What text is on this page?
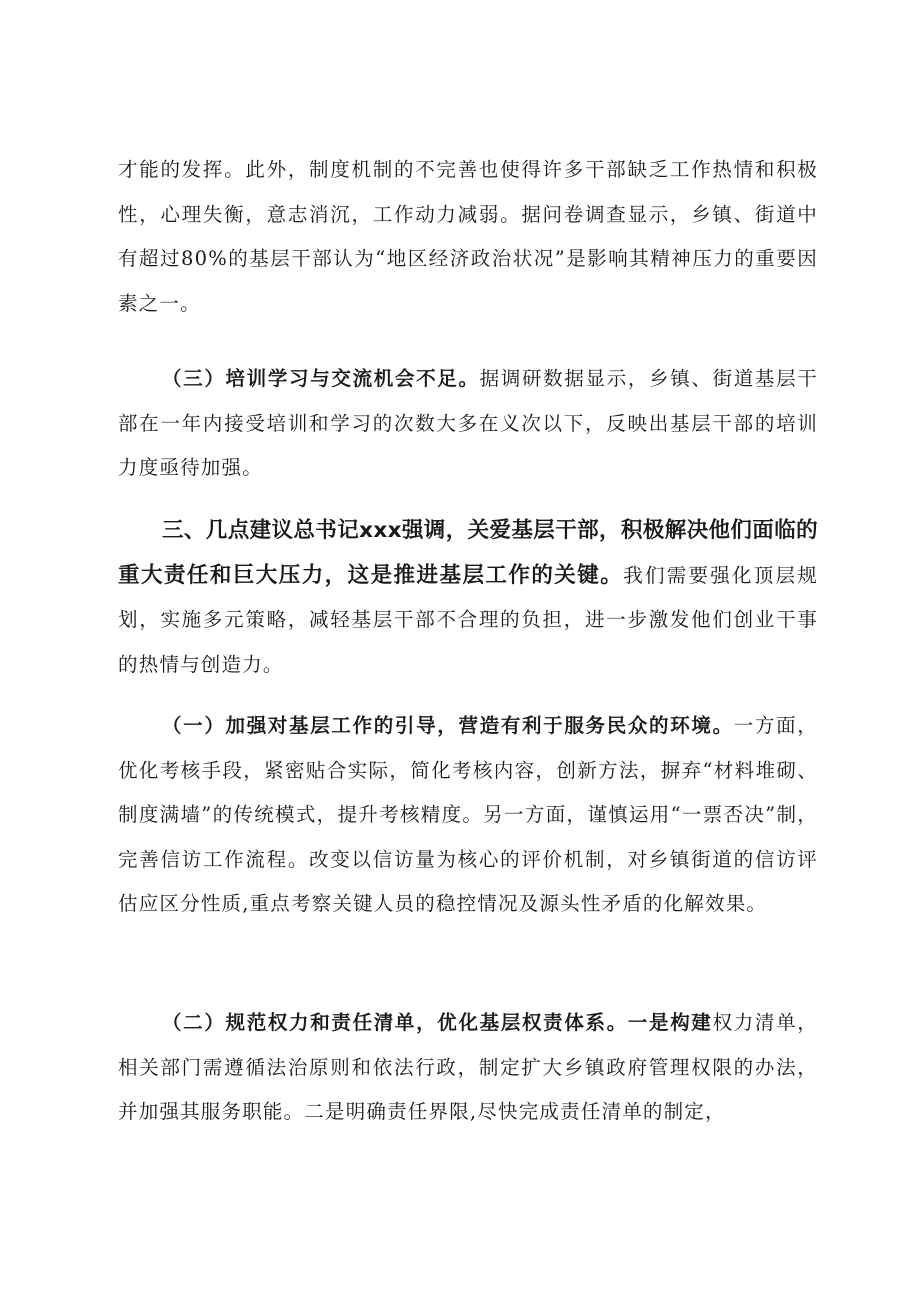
才能的发挥。此外，制度机制的不完善也使得许多干部缺乏工作热情和积极性，心理失衡，意志消沉，工作动力减弱。据问卷调查显示，乡镇、街道中有超过80%的基层干部认为“地区经济政治状况”是影响其精神压力的重要因素之一。

（三）培训学习与交流机会不足。据调研数据显示，乡镇、街道基层干部在一年内接受培训和学习的次数大多在义次以下，反映出基层干部的培训力度亟待加强。

三、几点建议总书记xxx强调，关爱基层干部，积极解决他们面临的重大责任和巨大压力，这是推进基层工作的关键。我们需要强化顶层规划，实施多元策略，减轻基层干部不合理的负担，进一步激发他们创业干事的热情与创造力。

（一）加强对基层工作的引导，营造有利于服务民众的环境。一方面，优化考核手段，紧密贴合实际，简化考核内容，创新方法，摒弃“材料堆砌、制度满墙”的传统模式，提升考核精度。另一方面，谨慎运用“一票否决”制，完善信访工作流程。改变以信访量为核心的评价机制，对乡镇街道的信访评估应区分性质,重点考察关键人员的稳控情况及源头性矛盾的化解效果。

（二）规范权力和责任清单，优化基层权责体系。一是构建权力清单，相关部门需遵循法治原则和依法行政，制定扩大乡镇政府管理权限的办法，并加强其服务职能。二是明确责任界限,尽快完成责任清单的制定，
